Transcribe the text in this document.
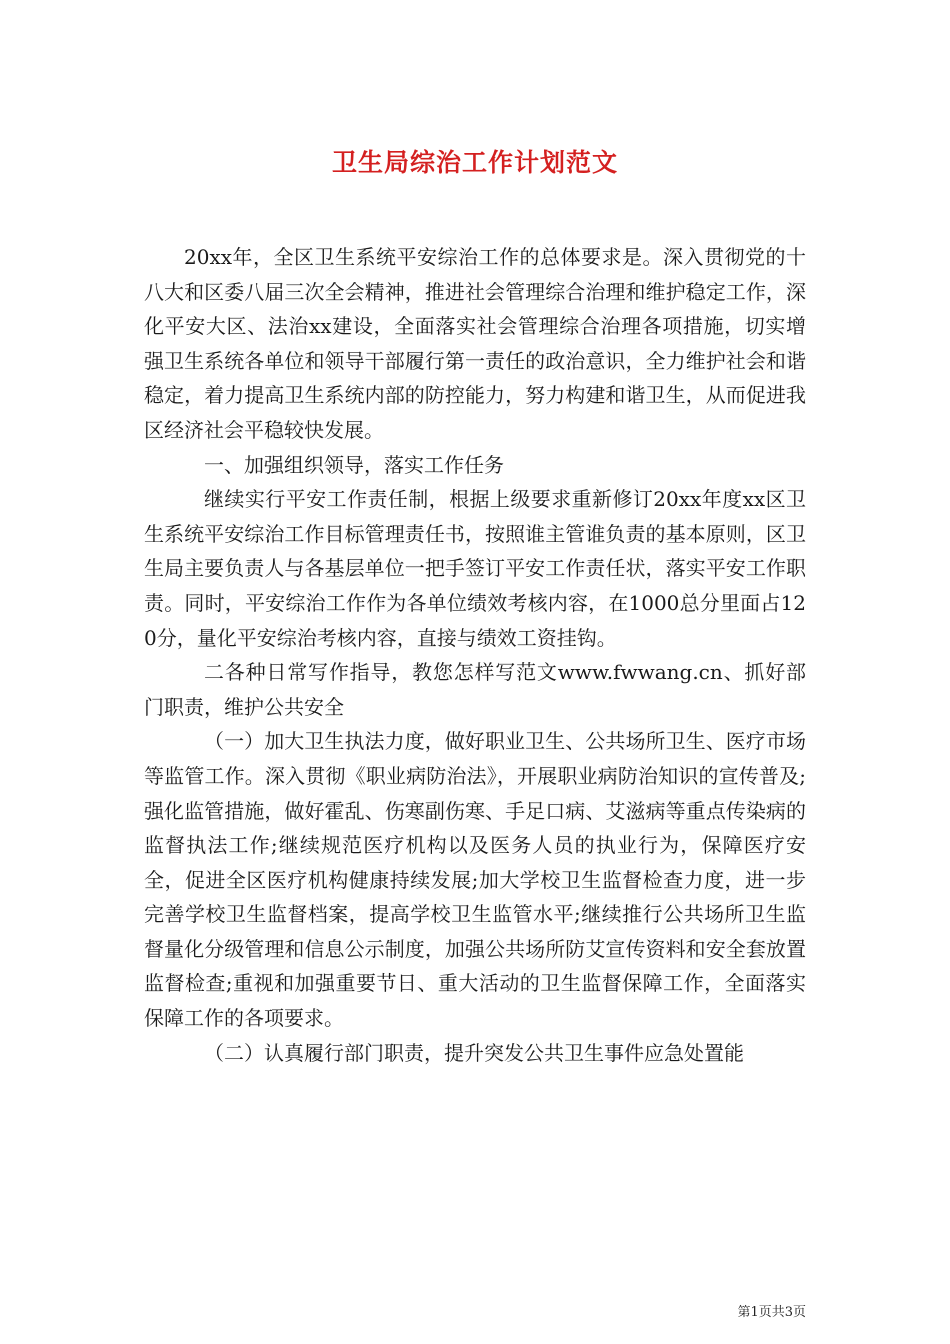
卫生局综治工作计划范文

20xx年，全区卫生系统平安综治工作的总体要求是。深入贯彻党的十八大和区委八届三次全会精神，推进社会管理综合治理和维护稳定工作，深化平安大区、法治xx建设，全面落实社会管理综合治理各项措施，切实增强卫生系统各单位和领导干部履行第一责任的政治意识，全力维护社会和谐稳定，着力提高卫生系统内部的防控能力，努力构建和谐卫生，从而促进我区经济社会平稳较快发展。

一、加强组织领导，落实工作任务

继续实行平安工作责任制，根据上级要求重新修订20xx年度xx区卫生系统平安综治工作目标管理责任书，按照谁主管谁负责的基本原则，区卫生局主要负责人与各基层单位一把手签订平安工作责任状，落实平安工作职责。同时，平安综治工作作为各单位绩效考核内容，在1000总分里面占120分，量化平安综治考核内容，直接与绩效工资挂钩。

二各种日常写作指导，教您怎样写范文www.fwwang.cn、抓好部门职责，维护公共安全

（一）加大卫生执法力度，做好职业卫生、公共场所卫生、医疗市场等监管工作。深入贯彻《职业病防治法》，开展职业病防治知识的宣传普及;强化监管措施，做好霍乱、伤寒副伤寒、手足口病、艾滋病等重点传染病的监督执法工作;继续规范医疗机构以及医务人员的执业行为，保障医疗安全，促进全区医疗机构健康持续发展;加大学校卫生监督检查力度，进一步完善学校卫生监督档案，提高学校卫生监管水平;继续推行公共场所卫生监督量化分级管理和信息公示制度，加强公共场所防艾宣传资料和安全套放置监督检查;重视和加强重要节日、重大活动的卫生监督保障工作，全面落实保障工作的各项要求。

（二）认真履行部门职责，提升突发公共卫生事件应急处置能

第1页共3页
